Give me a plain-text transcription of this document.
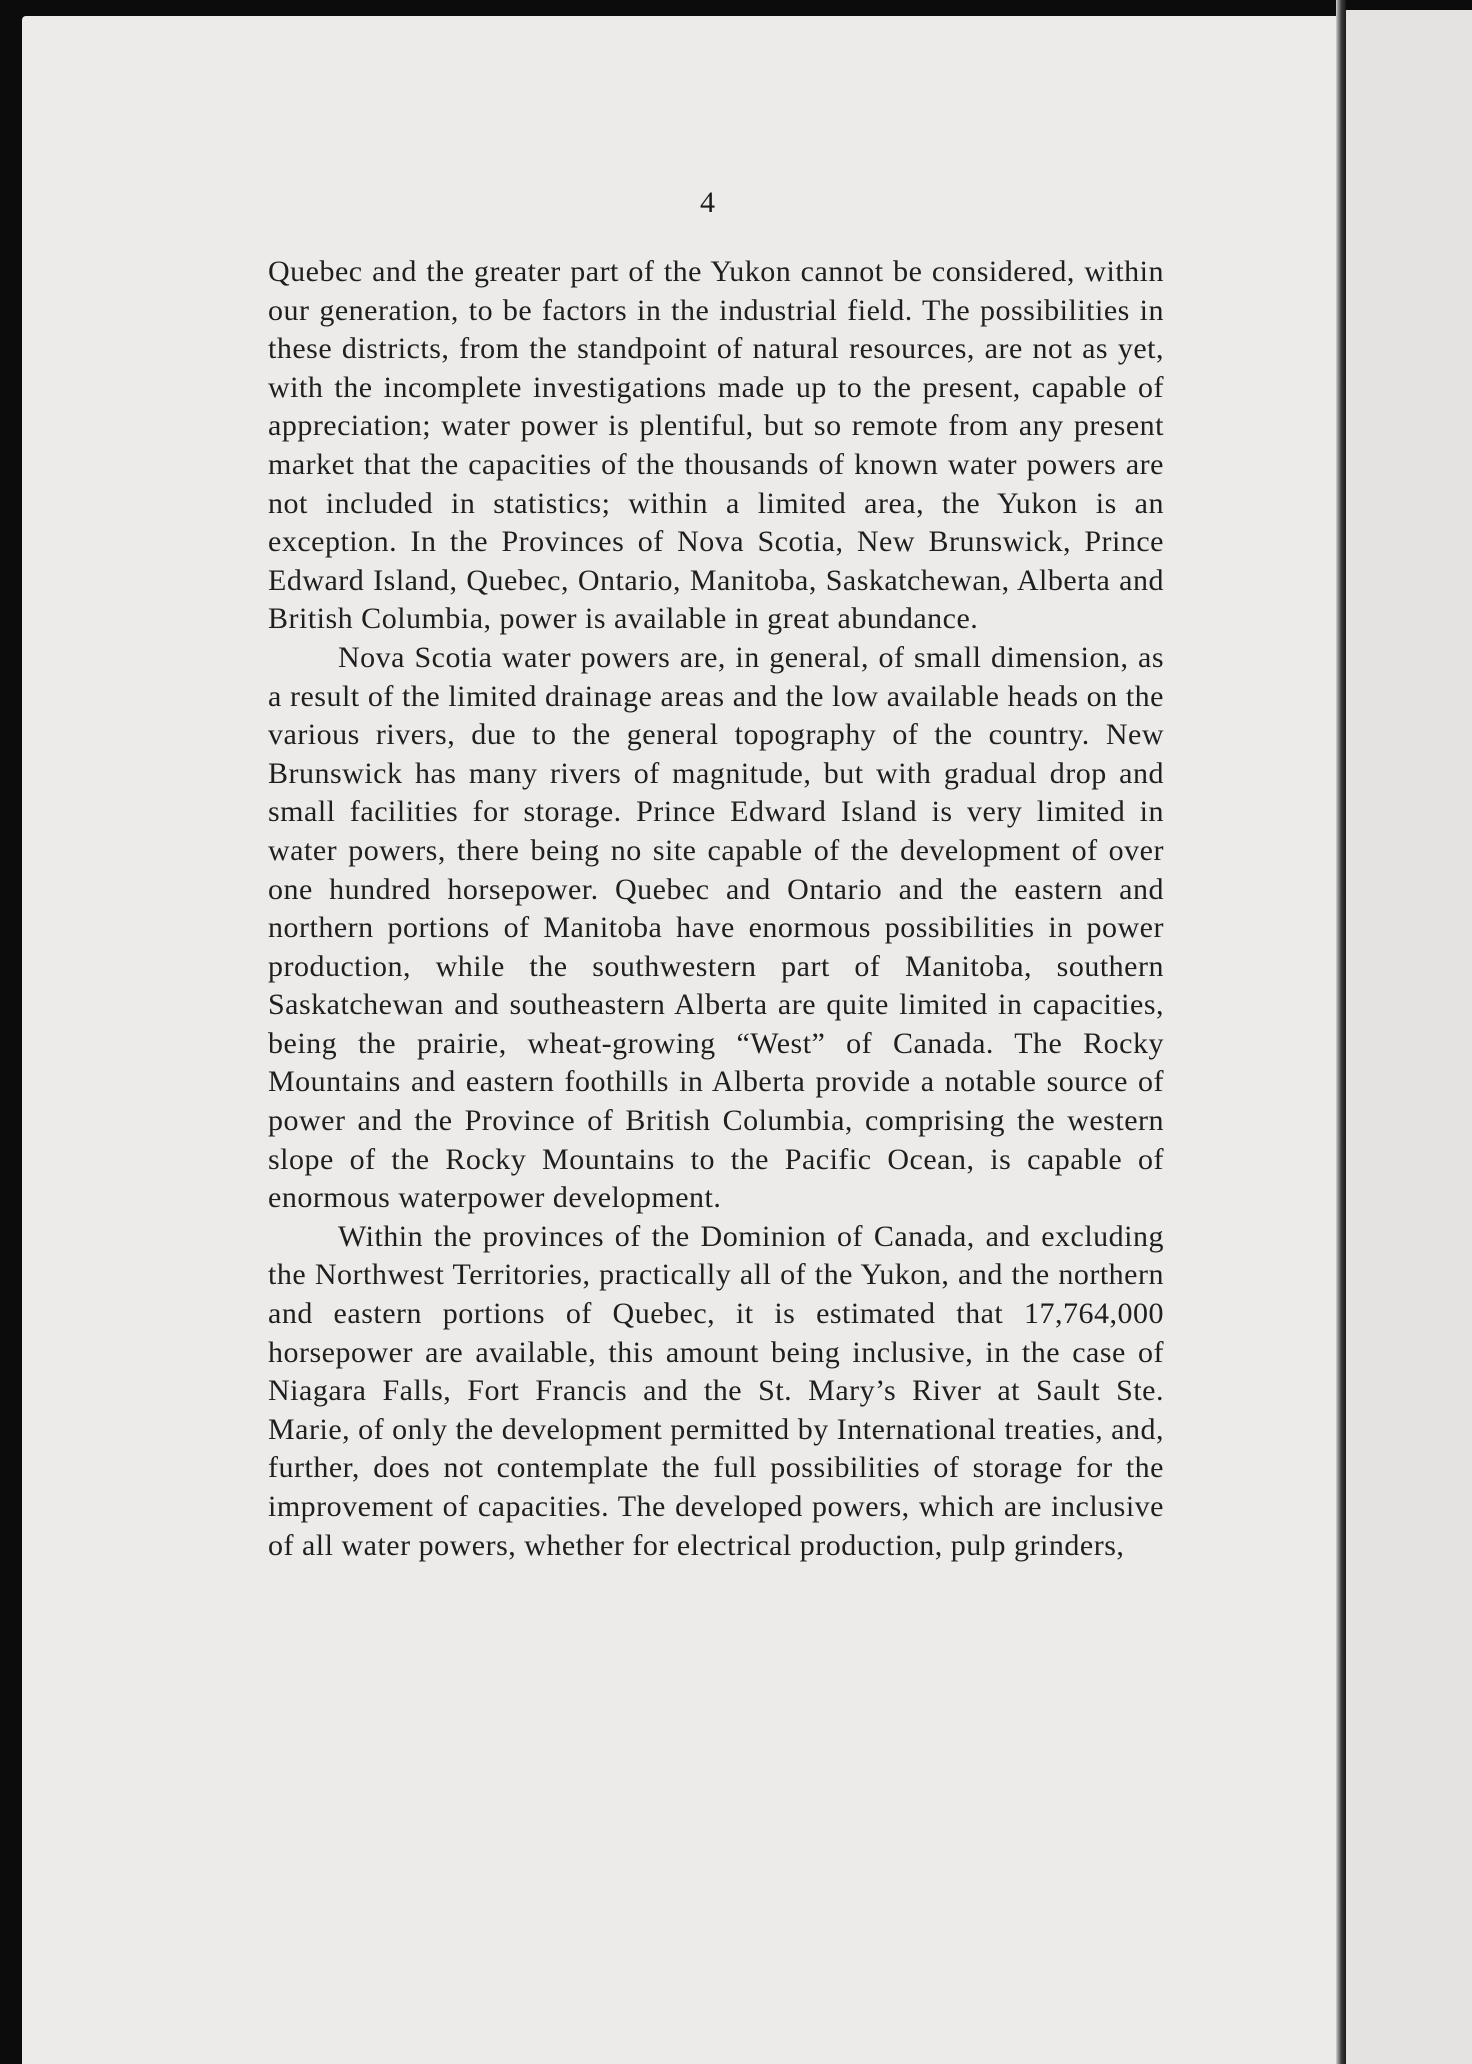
4

Quebec and the greater part of the Yukon cannot be considered, within our generation, to be factors in the industrial field. The possibilities in these districts, from the standpoint of natural resources, are not as yet, with the incomplete investigations made up to the present, capable of appreciation; water power is plentiful, but so remote from any present market that the capacities of the thousands of known water powers are not included in statistics; within a limited area, the Yukon is an exception. In the Provinces of Nova Scotia, New Brunswick, Prince Edward Island, Quebec, Ontario, Manitoba, Saskatchewan, Alberta and British Columbia, power is available in great abundance.

Nova Scotia water powers are, in general, of small dimension, as a result of the limited drainage areas and the low available heads on the various rivers, due to the general topography of the country. New Brunswick has many rivers of magnitude, but with gradual drop and small facilities for storage. Prince Edward Island is very limited in water powers, there being no site capable of the development of over one hundred horsepower. Quebec and Ontario and the eastern and northern portions of Manitoba have enormous possibilities in power production, while the southwestern part of Manitoba, southern Saskatchewan and southeastern Alberta are quite limited in capacities, being the prairie, wheat-growing “West” of Canada. The Rocky Mountains and eastern foothills in Alberta provide a notable source of power and the Province of British Columbia, comprising the western slope of the Rocky Mountains to the Pacific Ocean, is capable of enormous waterpower development.

Within the provinces of the Dominion of Canada, and excluding the Northwest Territories, practically all of the Yukon, and the northern and eastern portions of Quebec, it is estimated that 17,764,000 horsepower are available, this amount being inclusive, in the case of Niagara Falls, Fort Francis and the St. Mary’s River at Sault Ste. Marie, of only the development permitted by International treaties, and, further, does not contemplate the full possibilities of storage for the improvement of capacities. The developed powers, which are inclusive of all water powers, whether for electrical production, pulp grinders,
